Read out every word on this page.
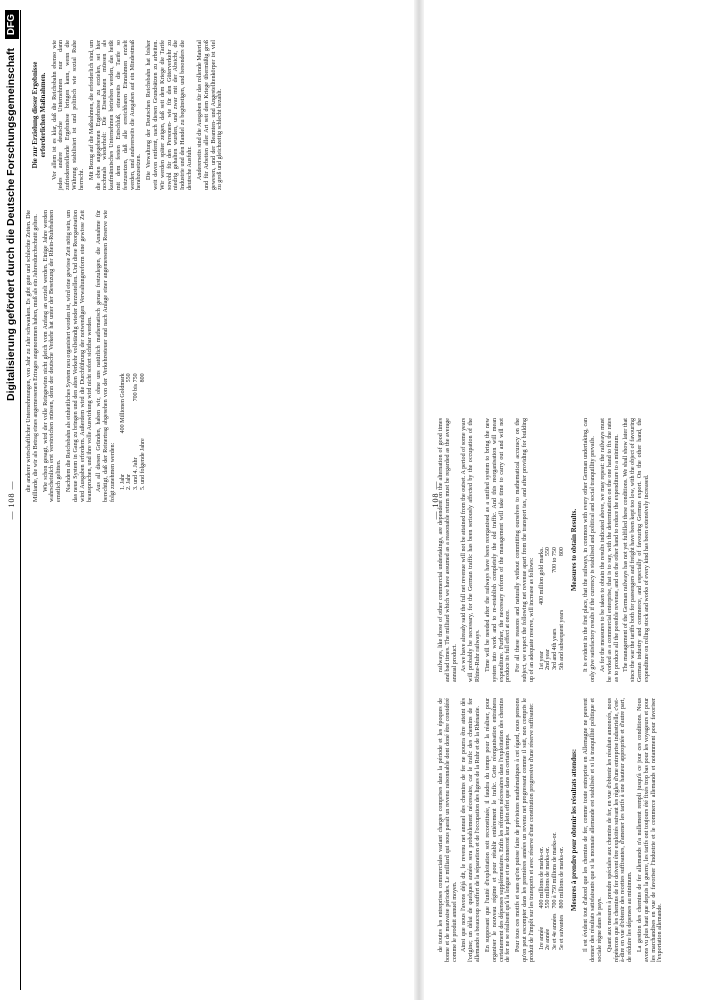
— 108 —

die anderer wirtschaftlicher Unternehmungen, von Jahr zu Jahr schwanken. Es gibt gute und schlechte Zeiten. Die Milliarde, die wir als Betrag eines angemessenen Ertrages angenommen haben, muß als ein Jahresdurchschnitt gelten. Wie schon gesagt, wird der volle Reingewinn nicht gleich vom Anfang an erzielt werden. Einige Jahre werden wahrscheinlich erst verstreichen müssen, denn der deutsche Verkehr hat unter der Besetzung der Rhein-Ruhrbahnen ernstlich gelitten. Nachdem die Reichsbahn als einheitliches System neu organisiert worden ist, wird eine gewisse Zeit nötig sein, um das neue System in Gang zu bringen und den alten Verkehr vollständig wieder herzustellen. Und diese Reorganisation wird Ausgaben erfordern. Außerdem wird die Durchführung der notwendigen Verwaltungsreform eine gewisse Zeit beanspruchen, und ihre volle Auswirkung wird nicht sofort sichtbar werden. Aus all diesen Gründen, haben wir, ohne uns natürlich mathematisch genau festzulegen, die Annahme für berechtigt, daß der Reinertrag abgesehen von der Verkehrssteuer und nach Anlage einer angemessenen Reserve wie folgt zunehmen werden: 1. Jahr	400 Millionen Goldmark
2. Jahr	550
3. und 4. Jahr	700 bis 750
5. und folgende Jahre	800
Die zur Erzielung dieser Ergebnisse erforderlichen Maßnahmen. Vor allem ist es klar, daß die Reichsbahn ebenso wie jedes andere deutsche Unternehmen nur dann zufriedenstellende Ergebnisse bringen kann, wenn die Währung stabilisiert ist und politisch wie sozial Ruhe herrscht. Mit Bezug auf die Maßnahmen, die erforderlich sind, um die oben angegebenen Ergebnisse zu erzielen, sei hier nochmals wiederholt: Die Eisenbahnen müssen als kaufmännisches Unternehmen betrieben werden, das heißt mit dem festen Entschluß, einerseits die Tarife so festzusetzen, daß alle erreichbaren Einnahmen erzielt werden, und andererseits die Ausgaben auf ein Mindestmaß herabzusetzen. Die Verwaltung der Deutschen Reichsbahn hat bisher weit davon entfernt, nach diesen Grundsätzen zu arbeiten. Wir werden später zeigen, daß seit dem Kriege die Tarife sowohl für den Personen- wie für den Güterverkehr zu niedrig gehalten wurden, und zwar mit der Absicht, die Industrie und den Handel zu begünstigen, und besonders die deutsche Ausfuhr. Andererseits sind die Ausgaben für das rollende Material und für Arbeiten aller Art seit dem Kriege übermäßig groß gewesen, und der Beamten- und Angestelltenkörper ist viel zu groß und gleichzeitig schlecht bezahlt.

— 108 —

de toutes les entreprises commerciales variant charges comprises dans la période et les époques de bonne et de mauvaise périodes. Le milliard qui nous paraît un revenu raisonnable dont doné être considéré comme le produit annuel moyen. Ainsi que nous l'avons déjà dit, le revenu net annuel des chemins de fer ne pourra être atteint dès l'origine; un délai de quelques années sera probablement nécessaire, car le trafic des chemins de fer allemands a beaucoup souffert de la séparation et de l'occupation des lignes de la Ruhr et de la Rhénanie. En supposant que l'unité d'exploitation soit reconstituée, il faudra du temps pour la réaliser, pour organiser le nouveau régime et pour rétablir entièrement le trafic. Cette réorganisation entraînera certainement des dépenses supplémentaires. Enfin les réformes nécessaires dans l'exploitation des chemins de fer ne se réalisent qu'à la longue et ne donneront leur plein effet que dans un certain temps. Pour tous ces motifs et sans qu'on puisse faire de prévisions mathématiques à cet égard, nous pensons qu'on peut escompter dans les premières années un revenu net progressant comme il suit, non compris le produit de l'impôt sur les transports et avec réserve d'une constitution progressive d'une réserve suffisante: 1re année	400 millions de marks-or.
2e année	550 millions de marks-or.
3e et 4e années	700 à 750 millions de marks-or.
5e et suivantes	800 millions de marks-or. Mesures à prendre pour obtenir les résultats attendus: Il est évident tout d'abord que les chemins de fer, comme toute entreprise en Allemagne ne peuvent donner des résultats satisfaisants que si la monnaie allemande est stabilisée et si la tranquillité politique et sociale règne dans le pays. Quant aux mesures à prendre spéciales aux chemins de fer, en vue d'obtenir les résultats annoncés, nous répéterons que les chemins de fer doivent être exploités suivant les règles d'une entreprise industrielle, c'est-à-dire en vue d'obtenir des recettes suffisantes, d'amener les tarifs à une hauteur appropriée et d'autre part, de réduire les dépenses au minimum. La gestion des chemins de fer allemands n'a nullement rempli jusqu'à ce jour ces conditions. Nous avons vu plus haut que depuis la guerre, les tarifs ont toujours été fixés trop bas pour les voyageurs et pour les marchandises en vue de favoriser l'industrie et le commerce allemands et notamment pour favoriser l'exportation allemande.

railways, like those of other commercial undertakings, are dependent on the alternation of good times and bad times. The milliard which we have assumed as a reasonable return must be regarded as the average annual product. As we have already said the full net revenue will not be attained from the outset. A period of some years will probably be necessary, for the German traffic has been seriously affected by the occupation of the Rhine-Ruhr railways. Time will be needed after the railways have been reorganised as a unified system to bring the new system into work and to re-establish completely the old traffic. And this reorganisation will mean expenditure. Further, the necessary reform of the management will take time to carry out and will not produce its full effect at once. For all these reasons and naturally without committing ourselves to mathematical accuracy on the subject, we expect the following net revenue apart from the transport tax, and after providing for building up of an adequate reserve, will increase as follows: 1st year	400 million gold marks.
2nd year	550
3rd and 4th years	700 to 750
5th and subsequent years	800 Measures to obtain Results. It is evident in the first place, that the railways, in common with every other German undertaking, can only give satisfactory results if the currency is stabilised and political and social tranquillity prevails. As for the measures to be taken to obtain the results indicated above, we may repeat: the railways must be worked as a commercial enterprise, that is to say, with the determination on the one hand to fix the rates as to produce all the possible revenue, and on the other hand to reduce the expenditure to a minimum. The management of the German railways has not yet fulfilled these conditions. We shall show later that since the war the tariffs both for passengers and freight have been kept too low, with the object of favouring German industry and commerce, and especially of favouring German export. On the other hand, the expenditure on rolling stock and works of every kind has been extensively increased.

Digitalisierung gefördert durch die Deutsche Forschungsgemeinschaft DFG
